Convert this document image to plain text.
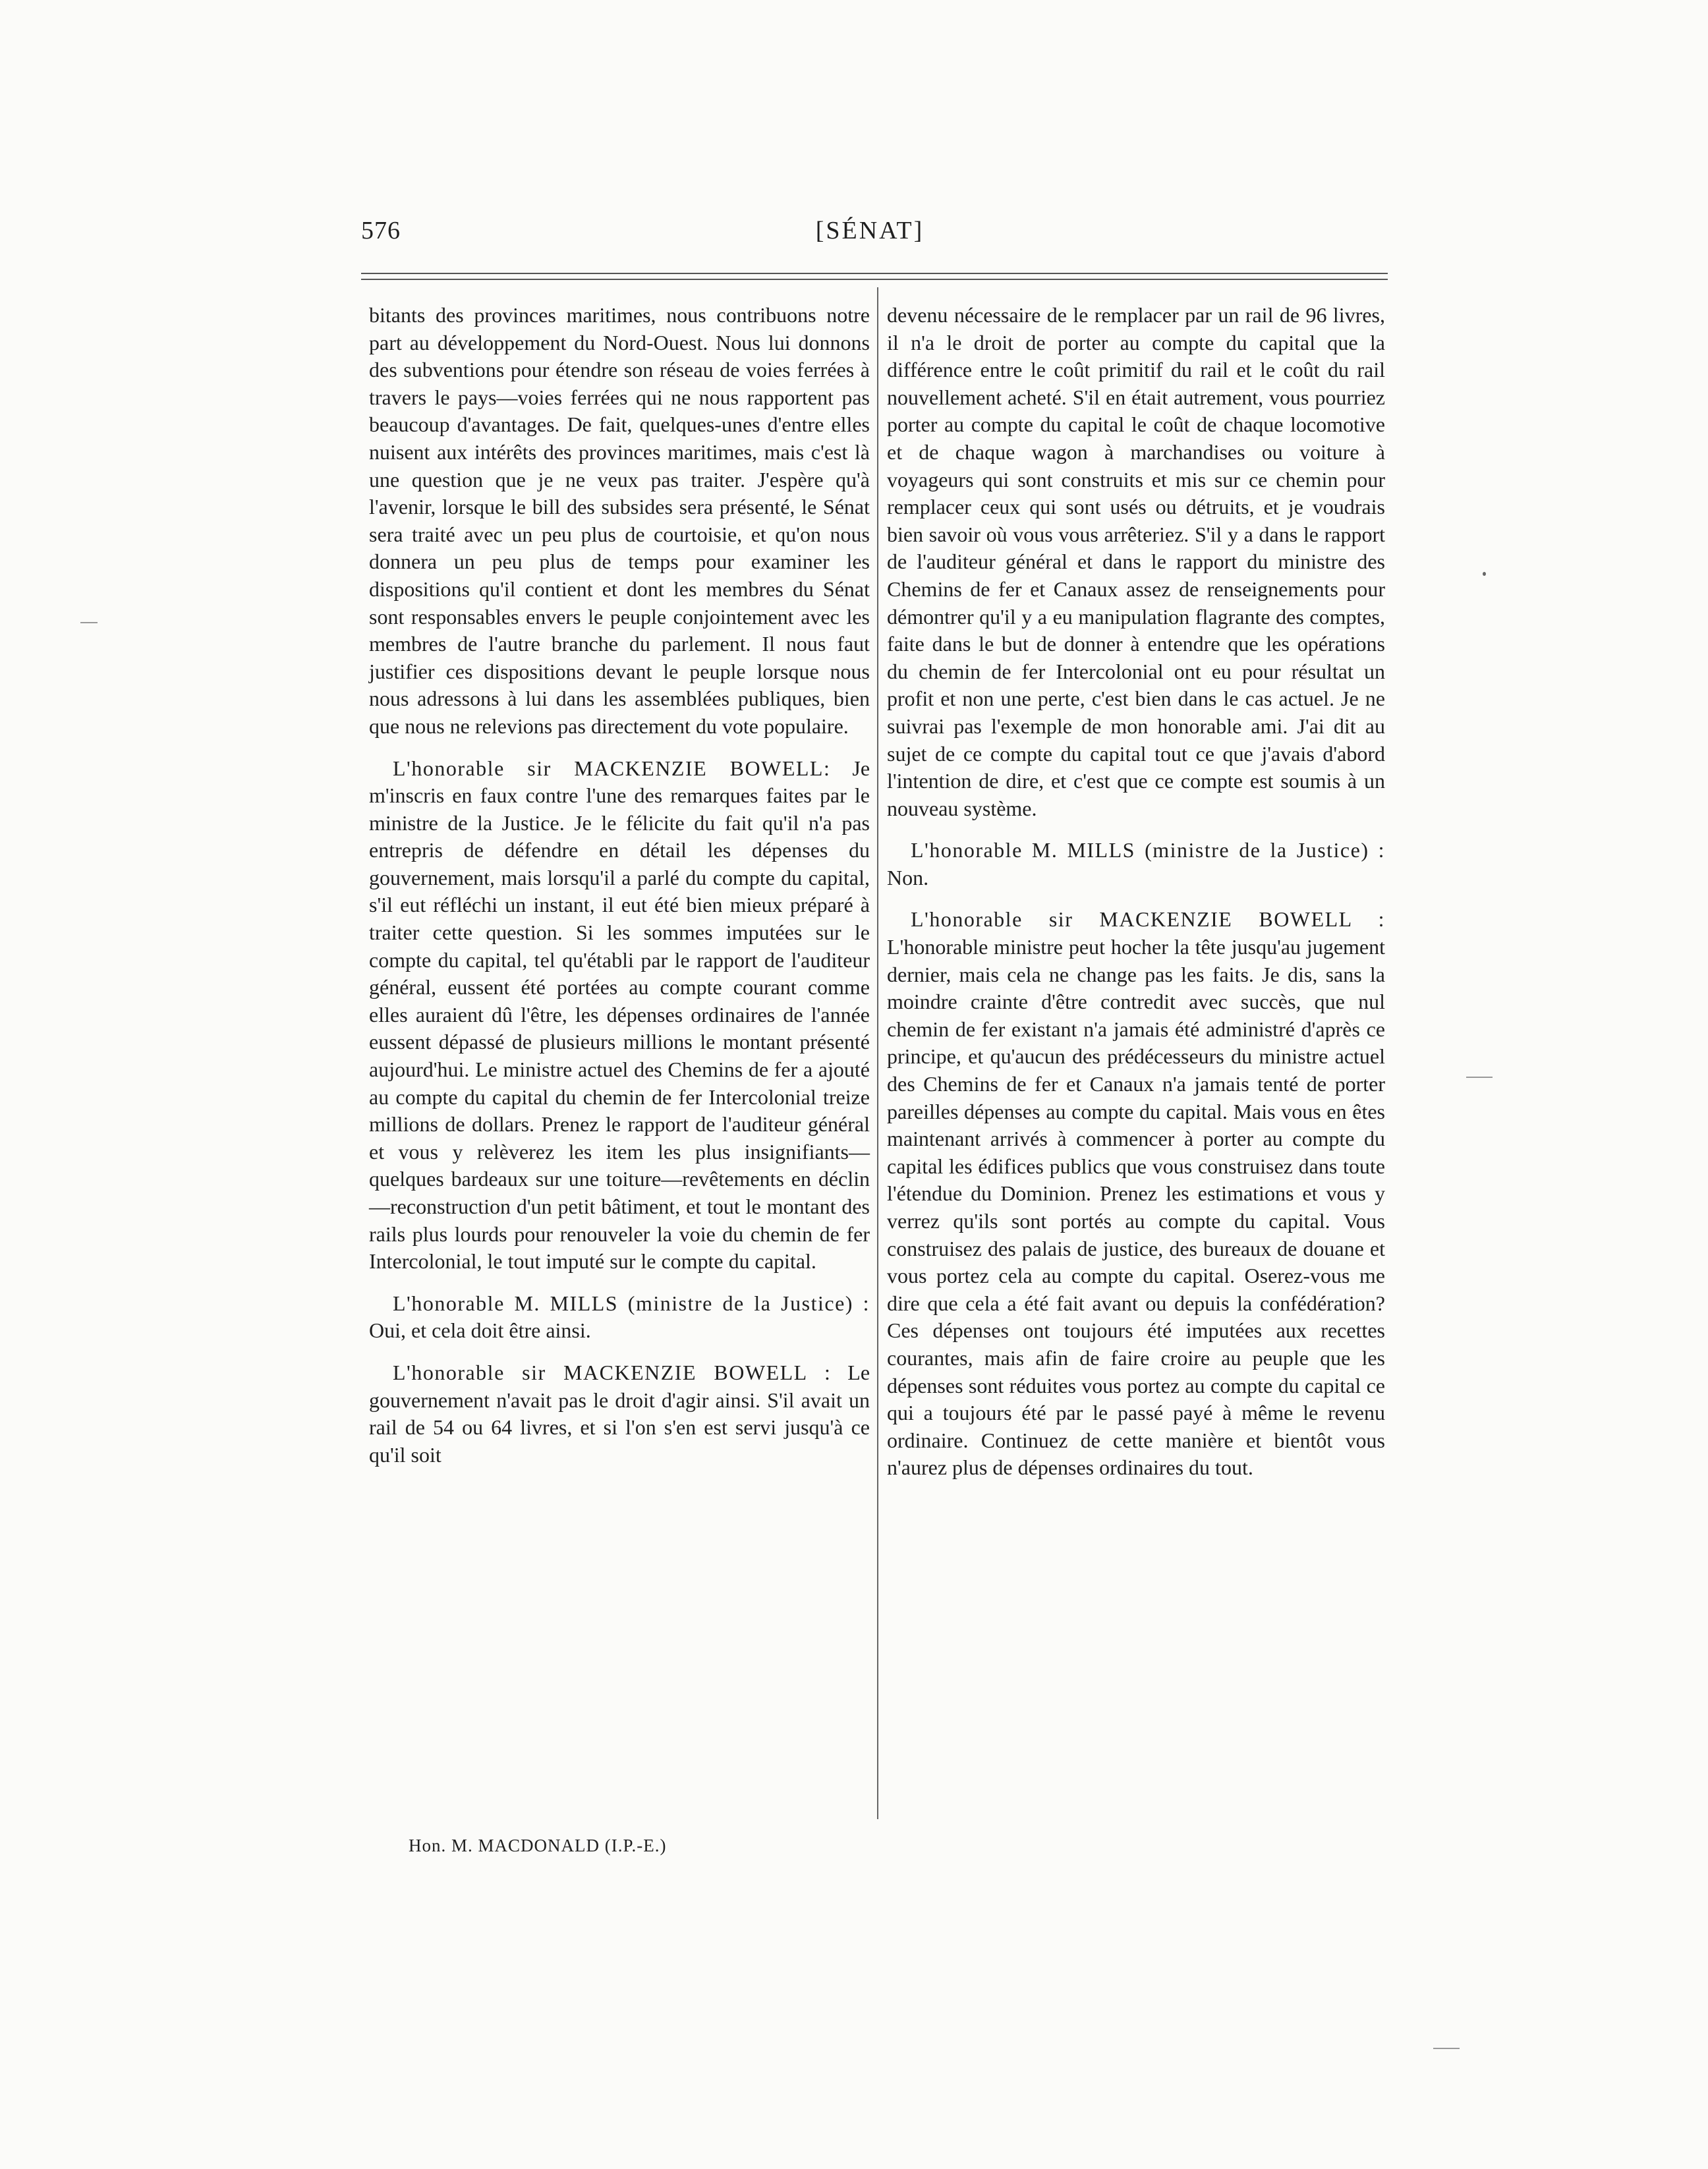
576	[SÉNAT]

bitants des provinces maritimes, nous contribuons notre part au développement du Nord-Ouest. Nous lui donnons des subventions pour étendre son réseau de voies ferrées à travers le pays—voies ferrées qui ne nous rapportent pas beaucoup d'avantages. De fait, quelques-unes d'entre elles nuisent aux intérêts des provinces maritimes, mais c'est là une question que je ne veux pas traiter. J'espère qu'à l'avenir, lorsque le bill des subsides sera présenté, le Sénat sera traité avec un peu plus de courtoisie, et qu'on nous donnera un peu plus de temps pour examiner les dispositions qu'il contient et dont les membres du Sénat sont responsables envers le peuple conjointement avec les membres de l'autre branche du parlement. Il nous faut justifier ces dispositions devant le peuple lorsque nous nous adressons à lui dans les assemblées publiques, bien que nous ne relevions pas directement du vote populaire.

L'honorable sir MACKENZIE BOWELL: Je m'inscris en faux contre l'une des remarques faites par le ministre de la Justice. Je le félicite du fait qu'il n'a pas entrepris de défendre en détail les dépenses du gouvernement, mais lorsqu'il a parlé du compte du capital, s'il eut réfléchi un instant, il eut été bien mieux préparé à traiter cette question. Si les sommes imputées sur le compte du capital, tel qu'établi par le rapport de l'auditeur général, eussent été portées au compte courant comme elles auraient dû l'être, les dépenses ordinaires de l'année eussent dépassé de plusieurs millions le montant présenté aujourd'hui. Le ministre actuel des Chemins de fer a ajouté au compte du capital du chemin de fer Intercolonial treize millions de dollars. Prenez le rapport de l'auditeur général et vous y relèverez les item les plus insignifiants—quelques bardeaux sur une toiture—revêtements en déclin—reconstruction d'un petit bâtiment, et tout le montant des rails plus lourds pour renouveler la voie du chemin de fer Intercolonial, le tout imputé sur le compte du capital.

L'honorable M. MILLS (ministre de la Justice) : Oui, et cela doit être ainsi.

L'honorable sir MACKENZIE BOWELL : Le gouvernement n'avait pas le droit d'agir ainsi. S'il avait un rail de 54 ou 64 livres, et si l'on s'en est servi jusqu'à ce qu'il soit

devenu nécessaire de le remplacer par un rail de 96 livres, il n'a le droit de porter au compte du capital que la différence entre le coût primitif du rail et le coût du rail nouvellement acheté. S'il en était autrement, vous pourriez porter au compte du capital le coût de chaque locomotive et de chaque wagon à marchandises ou voiture à voyageurs qui sont construits et mis sur ce chemin pour remplacer ceux qui sont usés ou détruits, et je voudrais bien savoir où vous vous arrêteriez. S'il y a dans le rapport de l'auditeur général et dans le rapport du ministre des Chemins de fer et Canaux assez de renseignements pour démontrer qu'il y a eu manipulation flagrante des comptes, faite dans le but de donner à entendre que les opérations du chemin de fer Intercolonial ont eu pour résultat un profit et non une perte, c'est bien dans le cas actuel. Je ne suivrai pas l'exemple de mon honorable ami. J'ai dit au sujet de ce compte du capital tout ce que j'avais d'abord l'intention de dire, et c'est que ce compte est soumis à un nouveau système.

L'honorable M. MILLS (ministre de la Justice) : Non.

L'honorable sir MACKENZIE BOWELL : L'honorable ministre peut hocher la tête jusqu'au jugement dernier, mais cela ne change pas les faits. Je dis, sans la moindre crainte d'être contredit avec succès, que nul chemin de fer existant n'a jamais été administré d'après ce principe, et qu'aucun des prédécesseurs du ministre actuel des Chemins de fer et Canaux n'a jamais tenté de porter pareilles dépenses au compte du capital. Mais vous en êtes maintenant arrivés à commencer à porter au compte du capital les édifices publics que vous construisez dans toute l'étendue du Dominion. Prenez les estimations et vous y verrez qu'ils sont portés au compte du capital. Vous construisez des palais de justice, des bureaux de douane et vous portez cela au compte du capital. Oserez-vous me dire que cela a été fait avant ou depuis la confédération? Ces dépenses ont toujours été imputées aux recettes courantes, mais afin de faire croire au peuple que les dépenses sont réduites vous portez au compte du capital ce qui a toujours été par le passé payé à même le revenu ordinaire. Continuez de cette manière et bientôt vous n'aurez plus de dépenses ordinaires du tout.

Hon. M. MACDONALD (I.P.-E.)
